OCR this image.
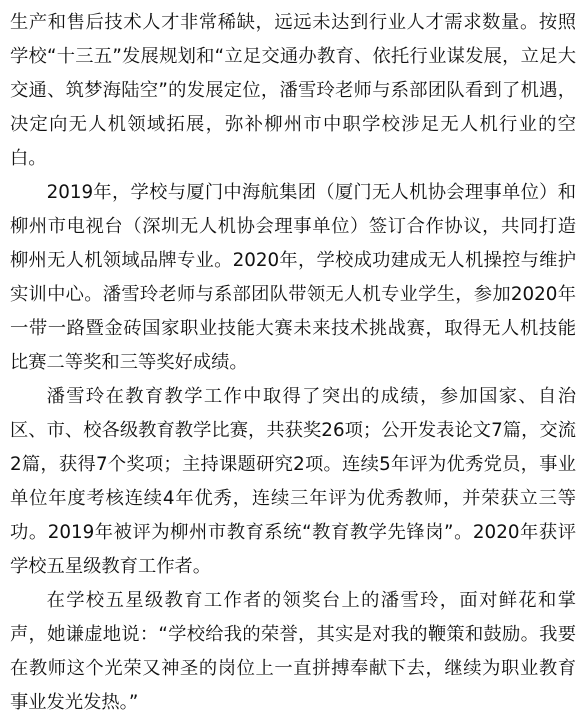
生产和售后技术人才非常稀缺，远远未达到行业人才需求数量。按照学校“十三五”发展规划和“立足交通办教育、依托行业谋发展，立足大交通、筑梦海陆空”的发展定位，潘雪玲老师与系部团队看到了机遇，决定向无人机领域拓展，弥补柳州市中职学校涉足无人机行业的空白。

2019年，学校与厦门中海航集团（厦门无人机协会理事单位）和柳州市电视台（深圳无人机协会理事单位）签订合作协议，共同打造柳州无人机领域品牌专业。2020年，学校成功建成无人机操控与维护实训中心。潘雪玲老师与系部团队带领无人机专业学生，参加2020年一带一路暨金砖国家职业技能大赛未来技术挑战赛，取得无人机技能比赛二等奖和三等奖好成绩。

潘雪玲在教育教学工作中取得了突出的成绩，参加国家、自治区、市、校各级教育教学比赛，共获奖26项；公开发表论文7篇，交流2篇，获得7个奖项；主持课题研究2项。连续5年评为优秀党员，事业单位年度考核连续4年优秀，连续三年评为优秀教师，并荣获立三等功。2019年被评为柳州市教育系统“教育教学先锋岗”。2020年获评学校五星级教育工作者。

在学校五星级教育工作者的领奖台上的潘雪玲，面对鲜花和掌声，她谦虚地说：“学校给我的荣誉，其实是对我的鞭策和鼓励。我要在教师这个光荣又神圣的岗位上一直拼搏奉献下去，继续为职业教育事业发光发热。”
